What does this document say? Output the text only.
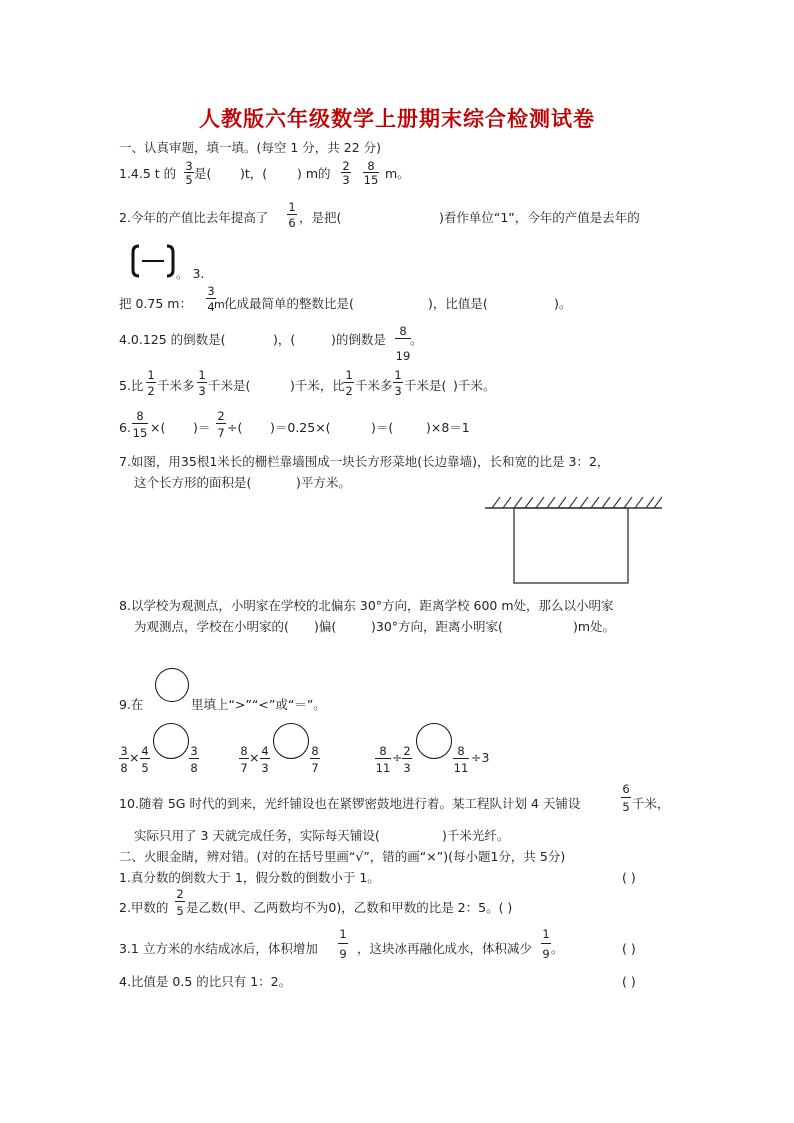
人教版六年级数学上册期末综合检测试卷
一、认真审题，填一填。(每空 1 分，共 22 分)
1.4.5 t 的 3
5 是( )t，( ) m的 2
3
8
15 m。
2.今年的产值比去年提高了
1
6 ，是把(	)看作单位“1”，今年的产值是去年的
。 3.
把 0.75 m：
3
4 m 化成最简单的整数比是(	)，比值是(	)。
4.0.125 的倒数是(	)，(	)的倒数是
8
19
。
5.比
1
2 千米多
1
3 千米是(	)千米，比
1
2 千米多
1
3 千米是( )千米。
6.
8
15 ×( )＝
2
7 ÷( )＝0.25×(	)＝(	)×8＝1
7.如图，用35根1米长的栅栏靠墙围成一块长方形菜地(长边靠墙)，长和宽的比是 3：2，
这个长方形的面积是(	)平方米。
8.以学校为观测点，小明家在学校的北偏东 30°方向，距离学校 600 m处，那么以小明家
为观测点，学校在小明家的( )偏(	)30°方向，距离小明家(	)m处。
9.在	里填上“>”“<”或“＝”。
3
8
× 4
5
3
8
8
7
× 4
3
8
7
8
11
÷ 2
3
8
11
÷3
10.随着 5G 时代的到来，光纤铺设也在紧锣密鼓地进行着。某工程队计划 4 天铺设
6
5 千米，
实际只用了 3 天就完成任务，实际每天铺设(	)千米光纤。
二、火眼金睛，辨对错。(对的在括号里画“√”，错的画“×”)(每小题1分，共 5分)
1.真分数的倒数大于 1，假分数的倒数小于 1。	( )
2.甲数的
2
5 是乙数(甲、乙两数均不为0)，乙数和甲数的比是 2：5。( )
3.1 立方米的水结成冰后，体积增加
1
9 ，这块冰再融化成水，体积减少
1
9 。	( )
4.比值是 0.5 的比只有 1：2。	( )
